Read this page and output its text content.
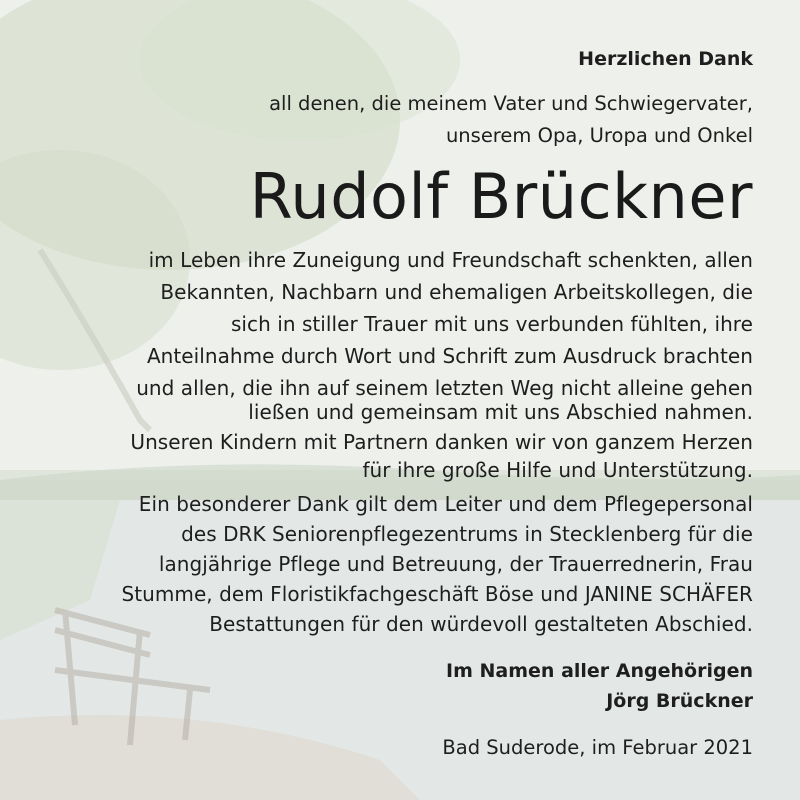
Herzlichen Dank
all denen, die meinem Vater und Schwiegervater,
unserem Opa, Uropa und Onkel
Rudolf Brückner
im Leben ihre Zuneigung und Freundschaft schenkten, allen
Bekannten, Nachbarn und ehemaligen Arbeitskollegen, die
sich in stiller Trauer mit uns verbunden fühlten, ihre
Anteilnahme durch Wort und Schrift zum Ausdruck brachten
und allen, die ihn auf seinem letzten Weg nicht alleine gehen
ließen und gemeinsam mit uns Abschied nahmen.
Unseren Kindern mit Partnern danken wir von ganzem Herzen
für ihre große Hilfe und Unterstützung.
Ein besonderer Dank gilt dem Leiter und dem Pflegepersonal
des DRK Seniorenpflegezentrums in Stecklenberg für die
langjährige Pflege und Betreuung, der Trauerrednerin, Frau
Stumme, dem Floristikfachgeschäft Böse und JANINE SCHÄFER
Bestattungen für den würdevoll gestalteten Abschied.
Im Namen aller Angehörigen
Jörg Brückner
Bad Suderode, im Februar 2021
